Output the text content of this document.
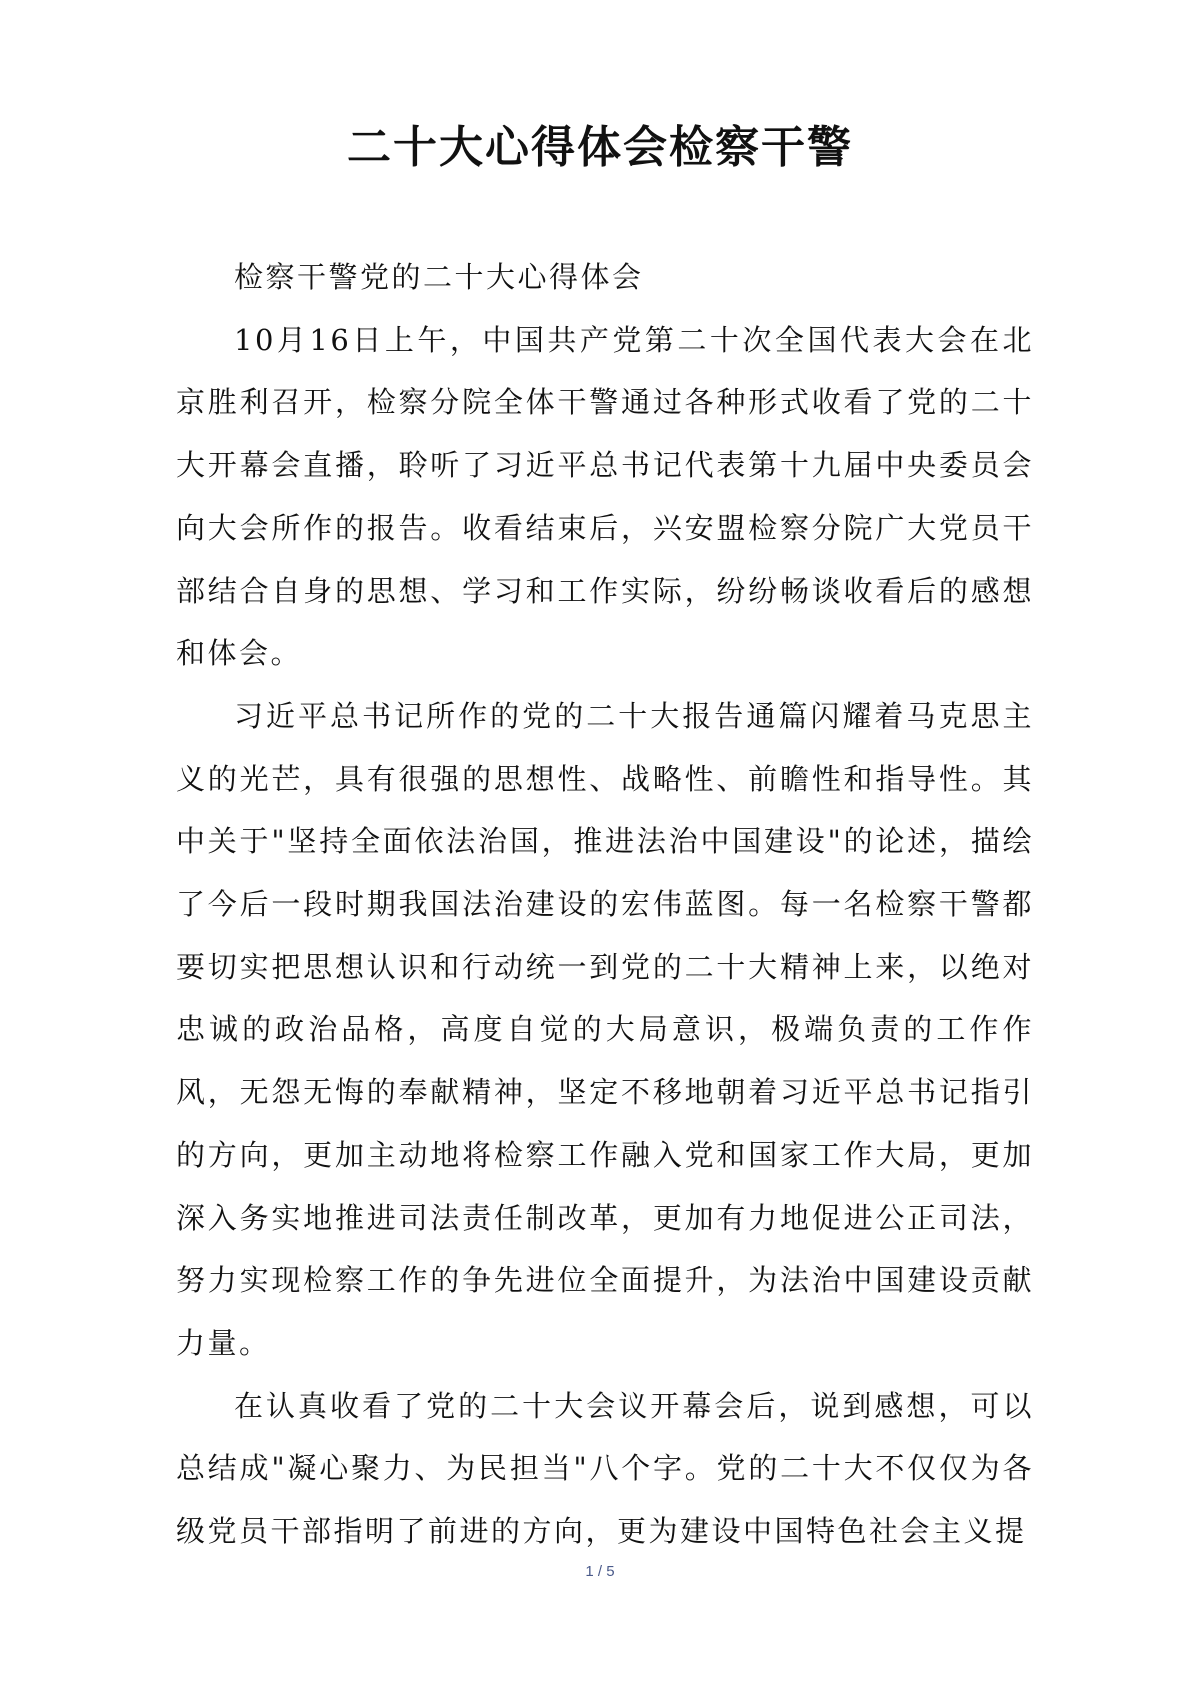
二十大心得体会检察干警

检察干警党的二十大心得体会

10月16日上午，中国共产党第二十次全国代表大会在北京胜利召开，检察分院全体干警通过各种形式收看了党的二十大开幕会直播，聆听了习近平总书记代表第十九届中央委员会向大会所作的报告。收看结束后，兴安盟检察分院广大党员干部结合自身的思想、学习和工作实际，纷纷畅谈收看后的感想和体会。

习近平总书记所作的党的二十大报告通篇闪耀着马克思主义的光芒，具有很强的思想性、战略性、前瞻性和指导性。其中关于"坚持全面依法治国，推进法治中国建设"的论述，描绘了今后一段时期我国法治建设的宏伟蓝图。每一名检察干警都要切实把思想认识和行动统一到党的二十大精神上来，以绝对忠诚的政治品格，高度自觉的大局意识，极端负责的工作作风，无怨无悔的奉献精神，坚定不移地朝着习近平总书记指引的方向，更加主动地将检察工作融入党和国家工作大局，更加深入务实地推进司法责任制改革，更加有力地促进公正司法，努力实现检察工作的争先进位全面提升，为法治中国建设贡献力量。

在认真收看了党的二十大会议开幕会后，说到感想，可以总结成"凝心聚力、为民担当"八个字。党的二十大不仅仅为各级党员干部指明了前进的方向，更为建设中国特色社会主义提

1 / 5
